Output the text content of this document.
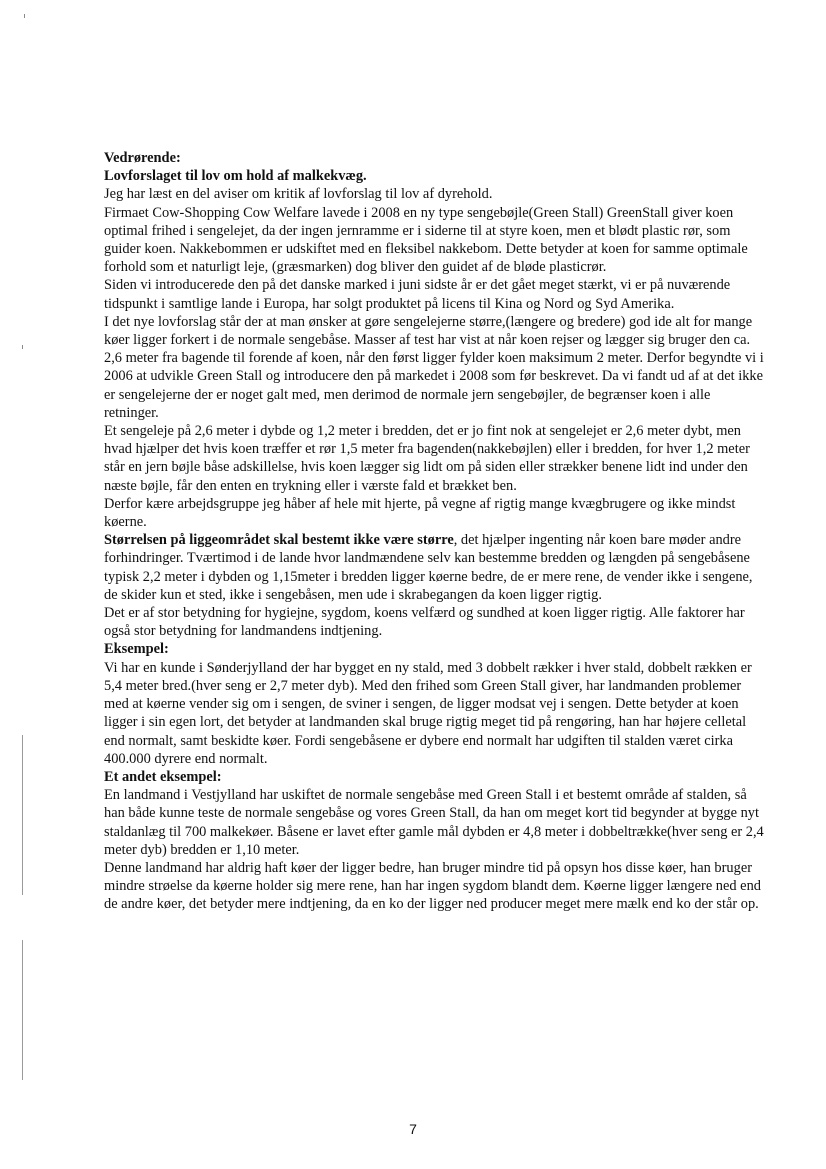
Vedrørende:

Lovforslaget til lov om hold af malkekvæg.

Jeg har læst en del aviser om kritik af lovforslag til lov af dyrehold.

Firmaet Cow-Shopping Cow Welfare lavede i 2008 en ny type sengebøjle(Green Stall) GreenStall giver koen optimal frihed i sengelejet, da der ingen jernramme er i siderne til at styre koen, men et blødt plastic rør, som guider koen. Nakkebommen er udskiftet med en fleksibel nakkebom. Dette betyder at koen for samme optimale forhold som et naturligt leje, (græsmarken) dog bliver den guidet af de bløde plasticrør.

Siden vi introducerede den på det danske marked i juni sidste år er det gået meget stærkt, vi er på nuværende tidspunkt i samtlige lande i Europa, har solgt produktet på licens til Kina og Nord og Syd Amerika.

I det nye lovforslag står der at man ønsker at gøre sengelejerne større,(længere og bredere) god ide alt for mange køer ligger forkert i de normale sengebåse. Masser af test har vist at når koen rejser og lægger sig bruger den ca. 2,6 meter fra bagende til forende af koen, når den først ligger fylder koen maksimum 2 meter. Derfor begyndte vi i 2006 at udvikle Green Stall og introducere den på markedet i 2008 som før beskrevet. Da vi fandt ud af at det ikke er sengelejerne der er noget galt med, men derimod de normale jern sengebøjler, de begrænser koen i alle retninger.

Et sengeleje på 2,6 meter i dybde og 1,2 meter i bredden, det er jo fint nok at sengelejet er 2,6 meter dybt, men hvad hjælper det hvis koen træffer et rør 1,5 meter fra bagenden(nakkebøjlen) eller i bredden, for hver 1,2 meter står en jern bøjle båse adskillelse, hvis koen lægger sig lidt om på siden eller strækker benene lidt ind under den næste bøjle, får den enten en trykning eller i værste fald et brækket ben.

Derfor kære arbejdsgruppe jeg håber af hele mit hjerte, på vegne af rigtig mange kvægbrugere og ikke mindst køerne.

Størrelsen på liggeområdet skal bestemt ikke være større, det hjælper ingenting når koen bare møder andre forhindringer. Tværtimod i de lande hvor landmændene selv kan bestemme bredden og længden på sengebåsene typisk 2,2 meter i dybden og 1,15meter i bredden ligger køerne bedre, de er mere rene, de vender ikke i sengene, de skider kun et sted, ikke i sengebåsen, men ude i skrabegangen da koen ligger rigtig.

Det er af stor betydning for hygiejne, sygdom, koens velfærd og sundhed at koen ligger rigtig. Alle faktorer har også stor betydning for landmandens indtjening.

Eksempel:

Vi har en kunde i Sønderjylland der har bygget en ny stald, med 3 dobbelt rækker i hver stald, dobbelt rækken er 5,4 meter bred.(hver seng er 2,7 meter dyb). Med den frihed som Green Stall giver, har landmanden problemer med at køerne vender sig om i sengen, de sviner i sengen, de ligger modsat vej i sengen. Dette betyder at koen ligger i sin egen lort, det betyder at landmanden skal bruge rigtig meget tid på rengøring, han har højere celletal end normalt, samt beskidte køer. Fordi sengebåsene er dybere end normalt har udgiften til stalden været cirka 400.000 dyrere end normalt.

Et andet eksempel:

En landmand i Vestjylland har uskiftet de normale sengebåse med Green Stall i et bestemt område af stalden, så han både kunne teste de normale sengebåse og vores Green Stall, da han om meget kort tid begynder at bygge nyt staldanlæg til 700 malkekøer. Båsene er lavet efter gamle mål dybden er 4,8 meter i dobbeltrække(hver seng er 2,4 meter dyb) bredden er 1,10 meter.

Denne landmand har aldrig haft køer der ligger bedre, han bruger mindre tid på opsyn hos disse køer, han bruger mindre strøelse da køerne holder sig mere rene, han har ingen sygdom blandt dem. Køerne ligger længere ned end de andre køer, det betyder mere indtjening, da en ko der ligger ned producer meget mere mælk end ko der står op.

7
